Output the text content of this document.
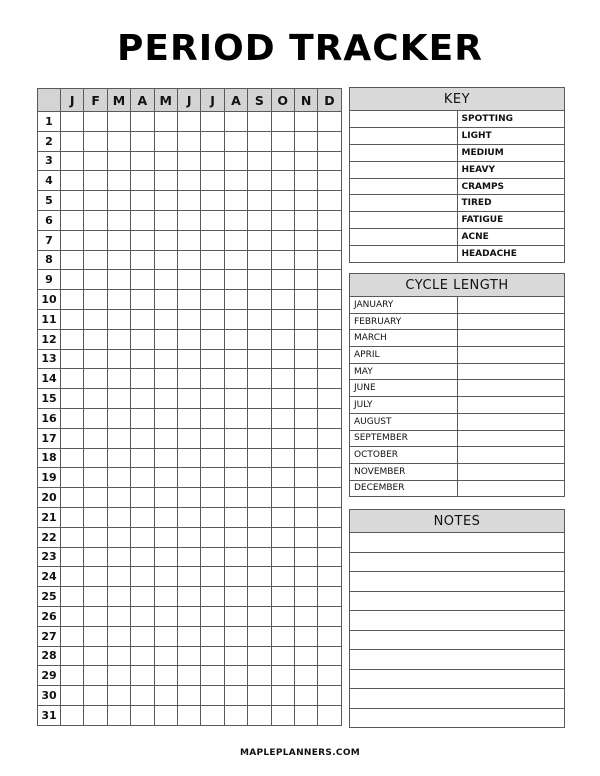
PERIOD TRACKER
	J	F	M	A	M	J	J	A	S	O	N	D
1												
2												
3												
4												
5												
6												
7												
8												
9												
10												
11												
12												
13												
14												
15												
16												
17												
18												
19												
20												
21												
22												
23												
24												
25												
26												
27												
28												
29												
30												
31												
KEY	
	SPOTTING
	LIGHT
	MEDIUM
	HEAVY
	CRAMPS
	TIRED
	FATIGUE
	ACNE
	HEADACHE
CYCLE LENGTH	
JANUARY	
FEBRUARY	
MARCH	
APRIL	
MAY	
JUNE	
JULY	
AUGUST	
SEPTEMBER	
OCTOBER	
NOVEMBER	
DECEMBER	
NOTES

MAPLEPLANNERS.COM
